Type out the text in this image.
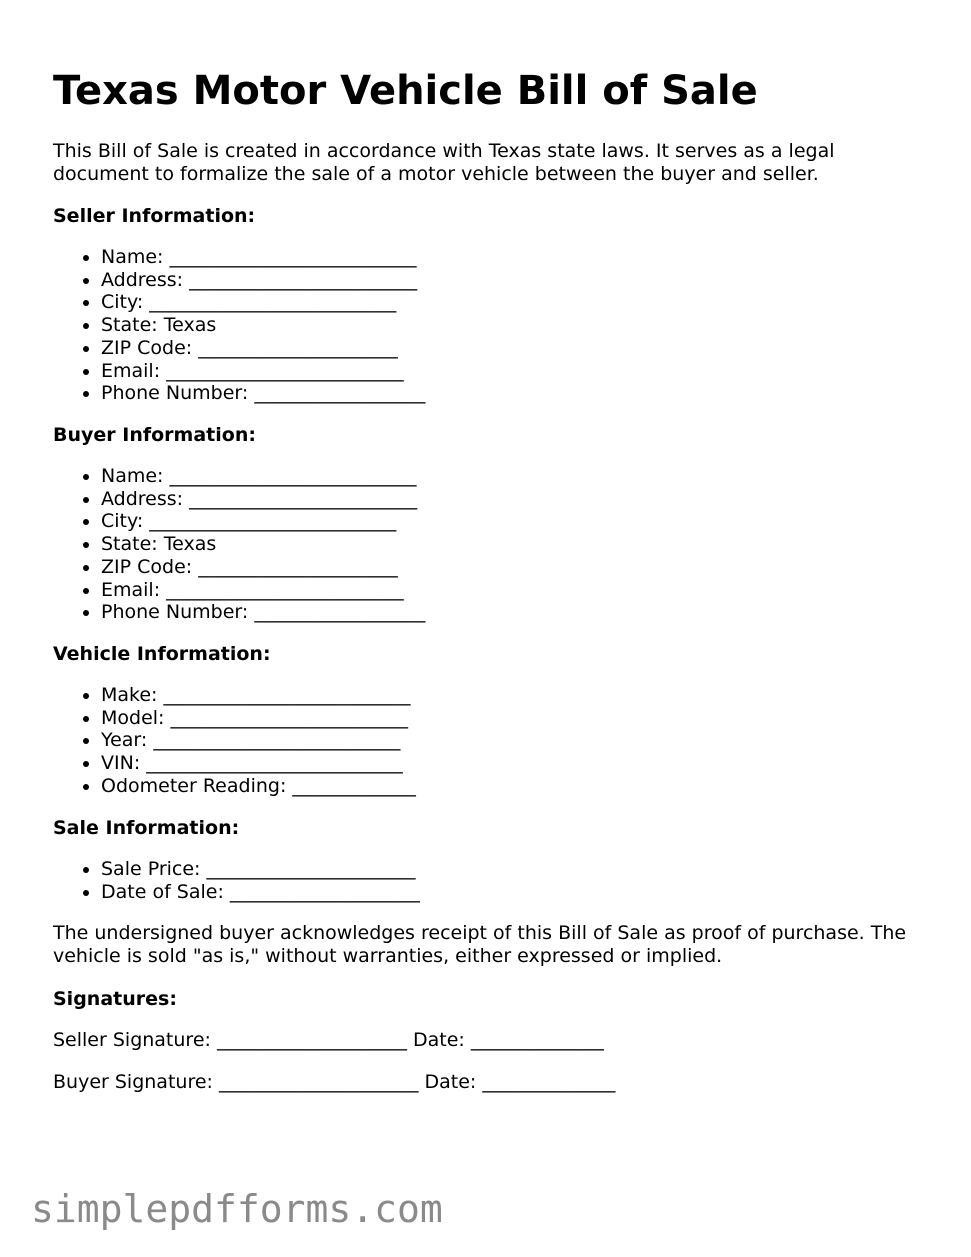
Texas Motor Vehicle Bill of Sale

This Bill of Sale is created in accordance with Texas state laws. It serves as a legal document to formalize the sale of a motor vehicle between the buyer and seller.

Seller Information:
• Name: __________________________
• Address: ________________________
• City: __________________________
• State: Texas
• ZIP Code: _____________________
• Email: _________________________
• Phone Number: __________________
Buyer Information:
• Name: __________________________
• Address: ________________________
• City: __________________________
• State: Texas
• ZIP Code: _____________________
• Email: _________________________
• Phone Number: __________________
Vehicle Information:
• Make: __________________________
• Model: _________________________
• Year: __________________________
• VIN: ___________________________
• Odometer Reading: _____________
Sale Information:
• Sale Price: ______________________
• Date of Sale: ____________________

The undersigned buyer acknowledges receipt of this Bill of Sale as proof of purchase. The vehicle is sold "as is," without warranties, either expressed or implied.

Signatures:
Seller Signature: ____________________ Date: ______________
Buyer Signature: _____________________ Date: ______________
simplepdfforms.com
